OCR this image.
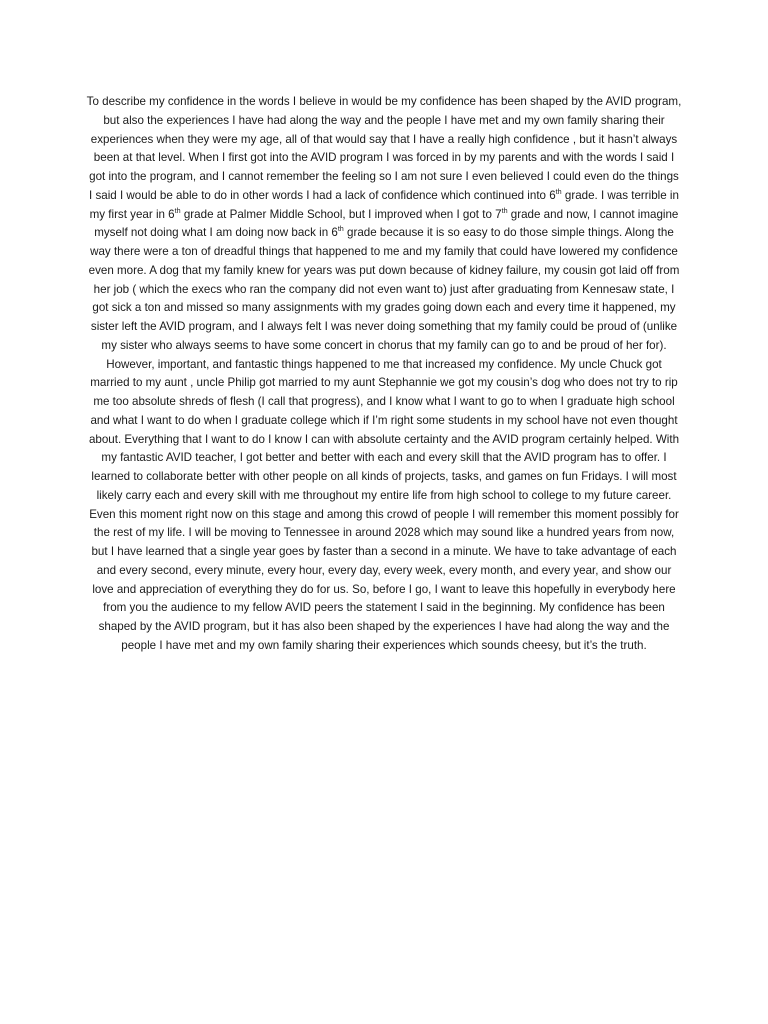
To describe my confidence in the words I believe in would be my confidence has been shaped by the AVID program, but also the experiences I have had along the way and the people I have met and my own family sharing their experiences when they were my age, all of that would say that I have a really high confidence , but it hasn’t always been at that level. When I first got into the AVID program I was forced in by my parents and with the words I said I got into the program, and I cannot remember the feeling so I am not sure I even believed I could even do the things I said I would be able to do in other words I had a lack of confidence which continued into 6th grade. I was terrible in my first year in 6th grade at Palmer Middle School, but I improved when I got to 7th grade and now, I cannot imagine myself not doing what I am doing now back in 6th grade because it is so easy to do those simple things. Along the way there were a ton of dreadful things that happened to me and my family that could have lowered my confidence even more. A dog that my family knew for years was put down because of kidney failure, my cousin got laid off from her job ( which the execs who ran the company did not even want to) just after graduating from Kennesaw state, I got sick a ton and missed so many assignments with my grades going down each and every time it happened, my sister left the AVID program, and I always felt I was never doing something that my family could be proud of (unlike my sister who always seems to have some concert in chorus that my family can go to and be proud of her for). However, important, and fantastic things happened to me that increased my confidence. My uncle Chuck got married to my aunt , uncle Philip got married to my aunt Stephannie we got my cousin’s dog who does not try to rip me too absolute shreds of flesh (I call that progress), and I know what I want to go to when I graduate high school and what I want to do when I graduate college which if I’m right some students in my school have not even thought about. Everything that I want to do I know I can with absolute certainty and the AVID program certainly helped. With my fantastic AVID teacher, I got better and better with each and every skill that the AVID program has to offer. I learned to collaborate better with other people on all kinds of projects, tasks, and games on fun Fridays. I will most likely carry each and every skill with me throughout my entire life from high school to college to my future career. Even this moment right now on this stage and among this crowd of people I will remember this moment possibly for the rest of my life. I will be moving to Tennessee in around 2028 which may sound like a hundred years from now, but I have learned that a single year goes by faster than a second in a minute. We have to take advantage of each and every second, every minute, every hour, every day, every week, every month, and every year, and show our love and appreciation of everything they do for us. So, before I go, I want to leave this hopefully in everybody here from you the audience to my fellow AVID peers the statement I said in the beginning. My confidence has been shaped by the AVID program, but it has also been shaped by the experiences I have had along the way and the people I have met and my own family sharing their experiences which sounds cheesy, but it’s the truth.
